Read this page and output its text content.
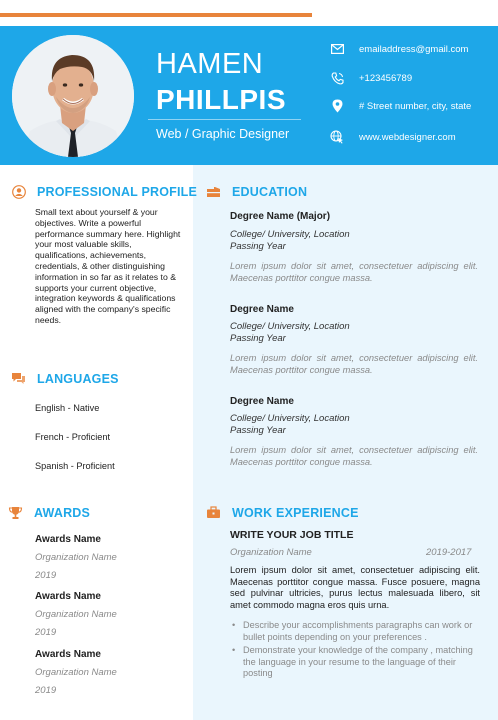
HAMEN
PHILLPIS
Web / Graphic Designer
emailaddress@gmail.com
+123456789
# Street number, city, state
www.webdesigner.com
PROFESSIONAL PROFILE
Small text about yourself & your objectives. Write a powerful performance summary here. Highlight your most valuable skills, qualifications, achievements, credentials, & other distinguishing information in so far as it relates to & supports your current objective, integration keywords & qualifications aligned with the company's specific needs.
LANGUAGES
English - Native
French - Proficient
Spanish - Proficient
AWARDS
Awards Name
Organization Name
2019
Awards Name
Organization Name
2019
Awards Name
Organization Name
2019
EDUCATION
Degree Name (Major)
College/ University, Location
Passing Year
Lorem ipsum dolor sit amet, consectetuer adipiscing elit. Maecenas porttitor congue massa.
Degree Name
College/ University, Location
Passing Year
Lorem ipsum dolor sit amet, consectetuer adipiscing elit. Maecenas porttitor congue massa.
Degree Name
College/ University, Location
Passing Year
Lorem ipsum dolor sit amet, consectetuer adipiscing elit. Maecenas porttitor congue massa.
WORK EXPERIENCE
WRITE YOUR JOB TITLE
Organization Name	2019-2017
Lorem ipsum dolor sit amet, consectetuer adipiscing elit. Maecenas porttitor congue massa. Fusce posuere, magna sed pulvinar ultricies, purus lectus malesuada libero, sit amet commodo magna eros quis urna.
• Describe your accomplishments paragraphs can work or bullet points depending on your preferences .
• Demonstrate your knowledge of the company , matching the language in your resume to the language of their posting
